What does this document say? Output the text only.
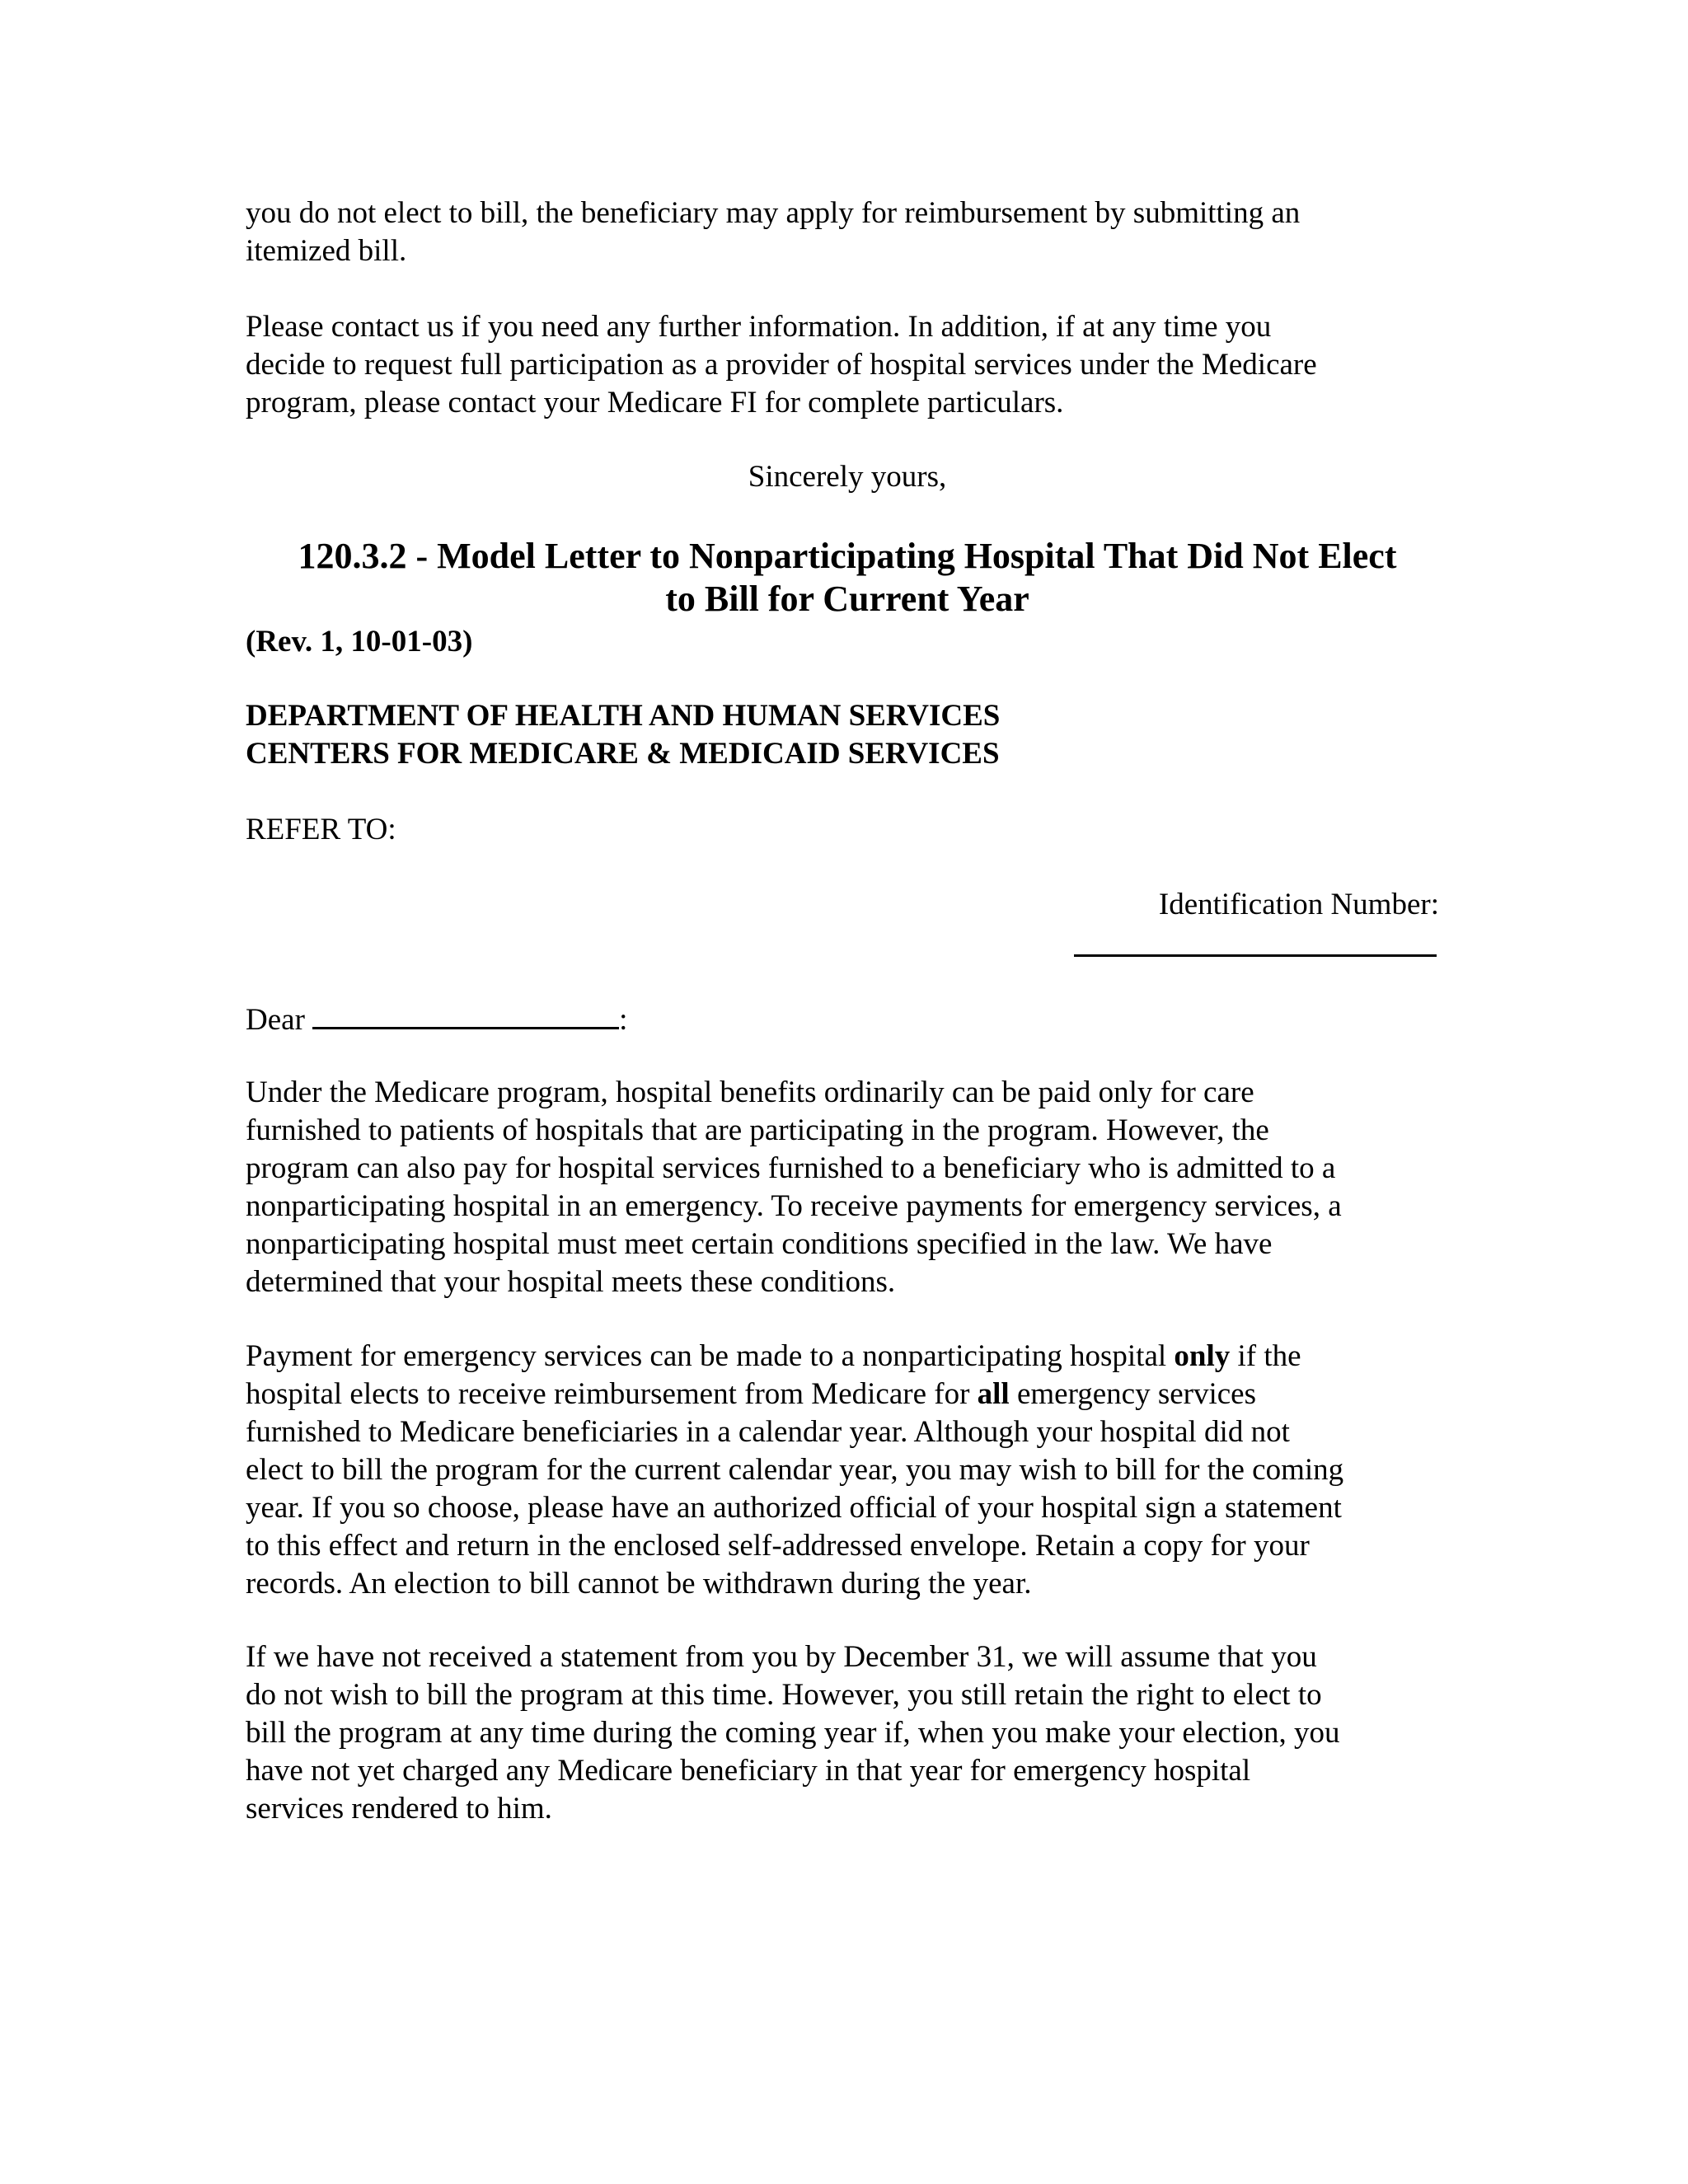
you do not elect to bill, the beneficiary may apply for reimbursement by submitting an
itemized bill.

Please contact us if you need any further information. In addition, if at any time you
decide to request full participation as a provider of hospital services under the Medicare
program, please contact your Medicare FI for complete particulars.

Sincerely yours,

120.3.2 - Model Letter to Nonparticipating Hospital That Did Not Elect
to Bill for Current Year

(Rev. 1, 10-01-03)

DEPARTMENT OF HEALTH AND HUMAN SERVICES
CENTERS FOR MEDICARE & MEDICAID SERVICES

REFER TO:

Identification Number:

Dear	:

Under the Medicare program, hospital benefits ordinarily can be paid only for care
furnished to patients of hospitals that are participating in the program. However, the
program can also pay for hospital services furnished to a beneficiary who is admitted to a
nonparticipating hospital in an emergency. To receive payments for emergency services, a
nonparticipating hospital must meet certain conditions specified in the law. We have
determined that your hospital meets these conditions.

Payment for emergency services can be made to a nonparticipating hospital only if the
hospital elects to receive reimbursement from Medicare for all emergency services
furnished to Medicare beneficiaries in a calendar year. Although your hospital did not
elect to bill the program for the current calendar year, you may wish to bill for the coming
year. If you so choose, please have an authorized official of your hospital sign a statement
to this effect and return in the enclosed self-addressed envelope. Retain a copy for your
records. An election to bill cannot be withdrawn during the year.

If we have not received a statement from you by December 31, we will assume that you
do not wish to bill the program at this time. However, you still retain the right to elect to
bill the program at any time during the coming year if, when you make your election, you
have not yet charged any Medicare beneficiary in that year for emergency hospital
services rendered to him.
